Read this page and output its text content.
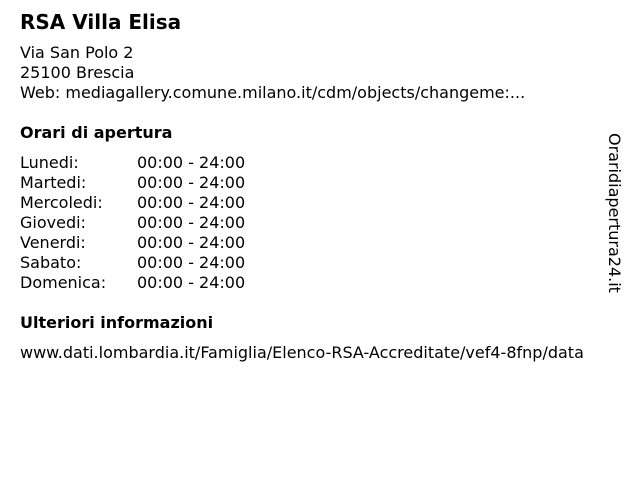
RSA Villa Elisa
Via San Polo 2
25100 Brescia
Web: mediagallery.comune.milano.it/cdm/objects/changeme:...
Orari di apertura
Lunedi:	00:00 - 24:00
Martedi:	00:00 - 24:00
Mercoledi:	00:00 - 24:00
Giovedi:	00:00 - 24:00
Venerdi:	00:00 - 24:00
Sabato:	00:00 - 24:00
Domenica:	00:00 - 24:00
Ulteriori informazioni
www.dati.lombardia.it/Famiglia/Elenco-RSA-Accreditate/vef4-8fnp/data
Oraridiapertura24.it
